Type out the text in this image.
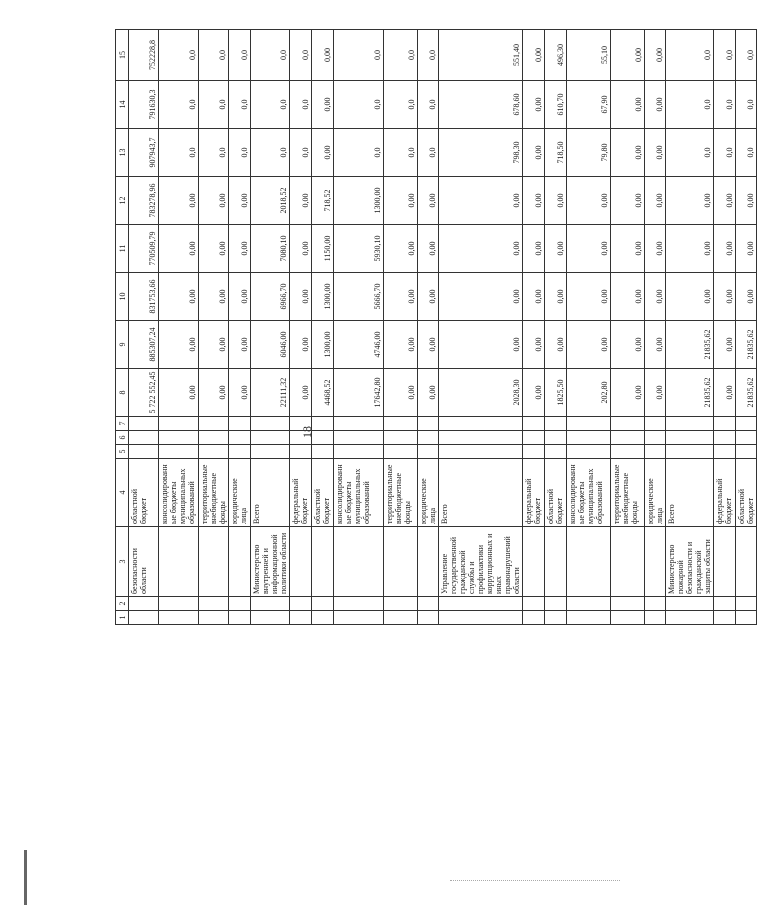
18
1	2	3	4	5	6	7	8	9	10	11	12	13	14	15
		безопасности области	областной бюджет				5 722 552,45	885307,24	831753,66	770509,79	783278,96	907943,7	791630,3	752228,8
			консолидированные бюджеты муниципальных образований				0,00	0,00	0,00	0,00	0,00	0,0	0,0	0,0
			территориальные внебюджетные фонды				0,00	0,00	0,00	0,00	0,00	0,0	0,0	0,0
			юридические лица				0,00	0,00	0,00	0,00	0,00	0,0	0,0	0,0
		Министерство внутренней и информационной политики области	Всего				22111,32	6046,00	6966,70	7080,10	2018,52	0,0	0,0	0,0
			федеральный бюджет				0,00	0,00	0,00	0,00	0,00	0,0	0,0	0,0
			областной бюджет				4468,52	1300,00	1300,00	1150,00	718,52	0,00	0,00	0,00
			консолидированные бюджеты муниципальных образований				17642,80	4746,00	5666,70	5930,10	1300,00	0,0	0,0	0,0
			территориальные внебюджетные фонды				0,00	0,00	0,00	0,00	0,00	0,0	0,0	0,0
			юридические лица				0,00	0,00	0,00	0,00	0,00	0,0	0,0	0,0
		Управление государственной гражданской службы и профилактики коррупционных и иных правонарушений области	Всего				2028,30	0,00	0,00	0,00	0,00	798,30	678,60	551,40
			федеральный бюджет				0,00	0,00	0,00	0,00	0,00	0,00	0,00	0,00
			областной бюджет				1825,50	0,00	0,00	0,00	0,00	718,50	610,70	496,30
			консолидированные бюджеты муниципальных образований				202,80	0,00	0,00	0,00	0,00	79,80	67,90	55,10
			территориальные внебюджетные фонды				0,00	0,00	0,00	0,00	0,00	0,00	0,00	0,00
			юридические лица				0,00	0,00	0,00	0,00	0,00	0,00	0,00	0,00
		Министерство пожарной безопасности и гражданской защиты области	Всего				21835,62	21835,62	0,00	0,00	0,00	0,0	0,0	0,0
			федеральный бюджет				0,00	0,00	0,00	0,00	0,00	0,0	0,0	0,0
			областной бюджет				21835,62	21835,62	0,00	0,00	0,00	0,0	0,0	0,0
